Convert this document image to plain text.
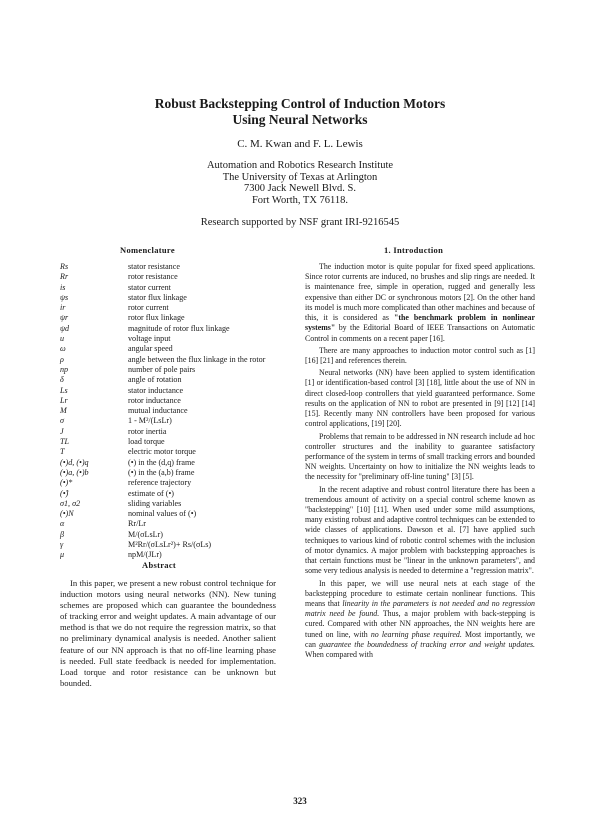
Robust Backstepping Control of Induction Motors
Using Neural Networks
C. M. Kwan and F. L. Lewis
Automation and Robotics Research Institute
The University of Texas at Arlington
7300 Jack Newell Blvd. S.
Fort Worth, TX 76118.
Research supported by NSF grant IRI-9216545
Nomenclature
Rs	stator resistance
Rr	rotor resistance
is	stator current
ψs	stator flux linkage
ir	rotor current
ψr	rotor flux linkage
ψd	magnitude of rotor flux linkage
u	voltage input
ω	angular speed
ρ	angle between the flux linkage in the rotor
np	number of pole pairs
δ	angle of rotation
Ls	stator inductance
Lr	rotor inductance
M	mutual inductance
σ	1 - M²/(LsLr)
J	rotor inertia
TL	load torque
T	electric motor torque
(•)d, (•)q	(•) in the (d,q) frame
(•)a, (•)b	(•) in the (a,b) frame
(•)*	reference trajectory
(•̂)	estimate of (•)
σ1, σ2	sliding variables
(•)N	nominal values of (•)
α	Rr/Lr
β	M/(σLsLr)
γ	M²Rr/(σLsLr²)+ Rs/(σLs)
μ	npM/(JLr)
Abstract

In this paper, we present a new robust control technique for induction motors using neural networks (NN). New tuning schemes are proposed which can guarantee the boundedness of tracking error and weight updates. A main advantage of our method is that we do not require the regression matrix, so that no preliminary dynamical analysis is needed. Another salient feature of our NN approach is that no off-line learning phase is needed. Full state feedback is needed for implementation. Load torque and rotor resistance can be unknown but bounded.

1. Introduction

The induction motor is quite popular for fixed speed applications. Since rotor currents are induced, no brushes and slip rings are needed. It is maintenance free, simple in operation, rugged and generally less expensive than either DC or synchronous motors [2]. On the other hand its model is much more complicated than other machines and because of this, it is considered as "the benchmark problem in nonlinear systems" by the Editorial Board of IEEE Transactions on Automatic Control in comments on a recent paper [16].

There are many approaches to induction motor control such as [1] [16] [21] and references therein.

Neural networks (NN) have been applied to system identification [1] or identification-based control [3] [18], little about the use of NN in direct closed-loop controllers that yield guaranteed performance. Some results on the application of NN to robot are presented in [9] [12] [14] [15]. Recently many NN controllers have been proposed for various control applications, [19] [20].

Problems that remain to be addressed in NN research include ad hoc controller structures and the inability to guarantee satisfactory performance of the system in terms of small tracking errors and bounded NN weights. Uncertainty on how to initialize the NN weights leads to the necessity for "preliminary off-line tuning" [3] [5].

In the recent adaptive and robust control literature there has been a tremendous amount of activity on a special control scheme known as "backstepping" [10] [11]. When used under some mild assumptions, many existing robust and adaptive control techniques can be extended to wide classes of applications. Dawson et al. [7] have applied such techniques to various kind of robotic control schemes with the inclusion of motor dynamics. A major problem with backstepping approaches is that certain functions must be "linear in the unknown parameters", and some very tedious analysis is needed to determine a "regression matrix".

In this paper, we will use neural nets at each stage of the backstepping procedure to estimate certain nonlinear functions. This means that linearity in the parameters is not needed and no regression matrix need be found. Thus, a major problem with back-stepping is cured. Compared with other NN approaches, the NN weights here are tuned on line, with no learning phase required. Most importantly, we can guarantee the boundedness of tracking error and weight updates. When compared with

323
